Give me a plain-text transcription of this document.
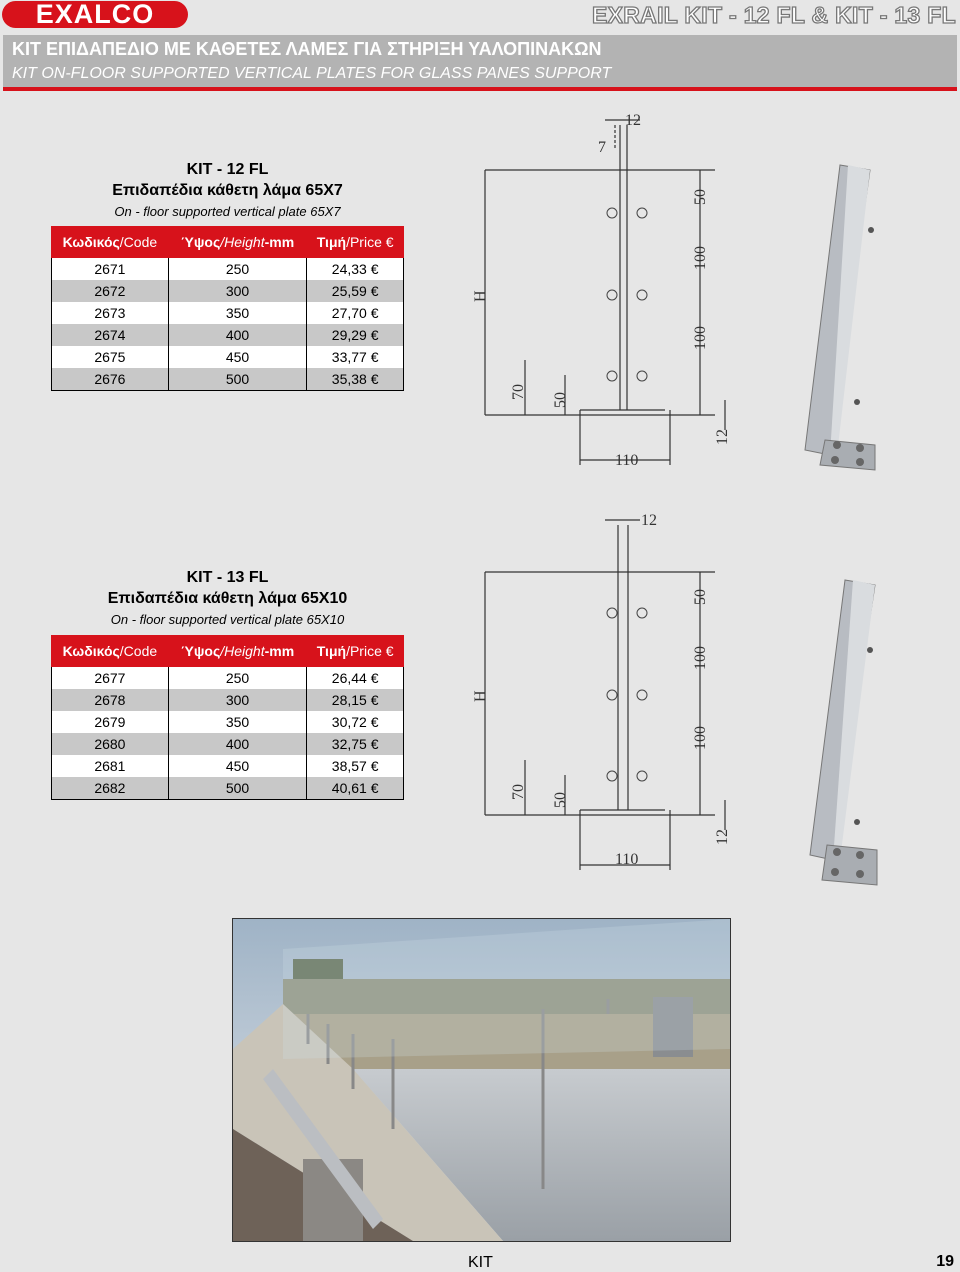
EXALCO	EXRAIL KIT - 12 FL & KIT - 13 FL
KIT ΕΠΙΔΑΠΕΔΙΟ ΜΕ ΚΑΘΕΤΕΣ ΛΑΜΕΣ ΓΙΑ ΣΤΗΡΙΞΗ ΥΑΛΟΠΙΝΑΚΩΝ
KIT ON-FLOOR SUPPORTED VERTICAL PLATES FOR GLASS PANES SUPPORT
KIT - 12 FL
Επιδαπέδια κάθετη λάμα 65Χ7
On - floor supported vertical plate 65X7
Κωδικός/Code	Ύψος/Height-mm	Τιμή/Price €
2671	250	24,33 €
2672	300	25,59 €
2673	350	27,70 €
2674	400	29,29 €
2675	450	33,77 €
2676	500	35,38 €
12
7
50
100
100
H
70 50
110
12
KIT - 13 FL
Επιδαπέδια κάθετη λάμα 65Χ10
On - floor supported vertical plate 65X10
Κωδικός/Code	Ύψος/Height-mm	Τιμή/Price €
2677	250	26,44 €
2678	300	28,15 €
2679	350	30,72 €
2680	400	32,75 €
2681	450	38,57 €
2682	500	40,61 €
12
50
100
100
H
70 50
110
12
KIT	19
